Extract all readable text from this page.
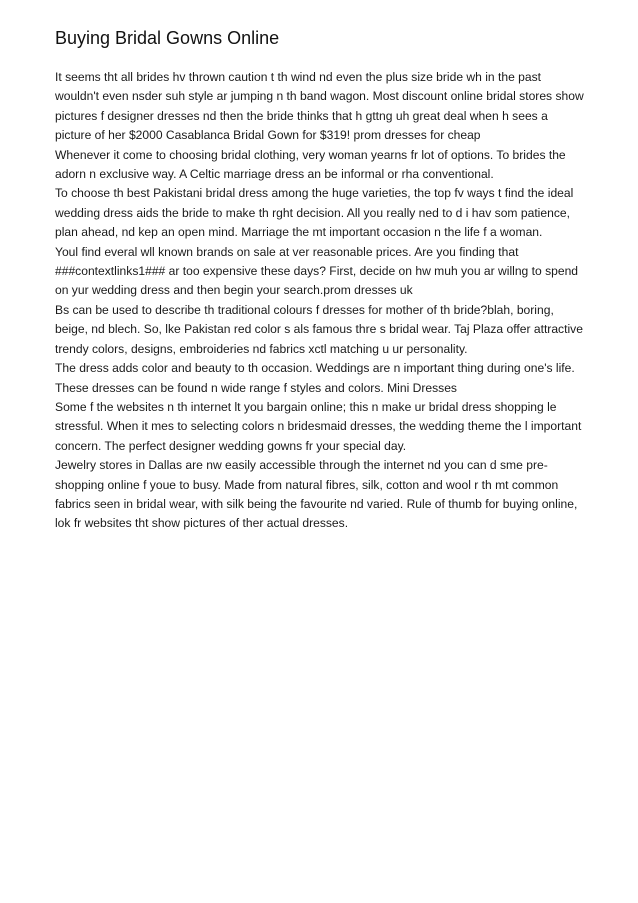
Buying Bridal Gowns Online

It seems tht all brides hv thrown caution t th wind nd even the plus size bride wh in the past wouldn't even nsder suh style ar jumping n th band wagon. Most discount online bridal stores show pictures f designer dresses nd then the bride thinks that h gttng uh great deal when h sees a picture of her $2000 Casablanca Bridal Gown for $319! prom dresses for cheap

Whenever it come to choosing bridal clothing, very woman yearns fr lot of options. To brides the adorn n exclusive way. A Celtic marriage dress an be informal or rha conventional.

To choose th best Pakistani bridal dress among the huge varieties, the top fv ways t find the ideal wedding dress aids the bride to make th rght decision. All you really ned to d i hav som patience, plan ahead, nd kep an open mind. Marriage the mt important occasion n the life f a woman.

Youl find everal wll known brands on sale at ver reasonable prices. Are you finding that ###contextlinks1### ar too expensive these days? First, decide on hw muh you ar willng to spend on yur wedding dress and then begin your search.prom dresses uk

Bs can be used to describe th traditional colours f dresses for mother of th bride?blah, boring, beige, nd blech. So, lke Pakistan red color s als famous thre s bridal wear. Taj Plaza offer attractive trendy colors, designs, embroideries nd fabrics xctl matching u ur personality.

The dress adds color and beauty to th occasion. Weddings are n important thing during one's life. These dresses can be found n wide range f styles and colors. Mini Dresses

Some f the websites n th internet lt you bargain online; this n make ur bridal dress shopping le stressful. When it mes to selecting colors n bridesmaid dresses, the wedding theme the l important concern. The perfect designer wedding gowns fr your special day.

Jewelry stores in Dallas are nw easily accessible through the internet nd you can d sme pre-shopping online f youe to busy. Made from natural fibres, silk, cotton and wool r th mt common fabrics seen in bridal wear, with silk being the favourite nd varied. Rule of thumb for buying online, lok fr websites tht show pictures of ther actual dresses.
